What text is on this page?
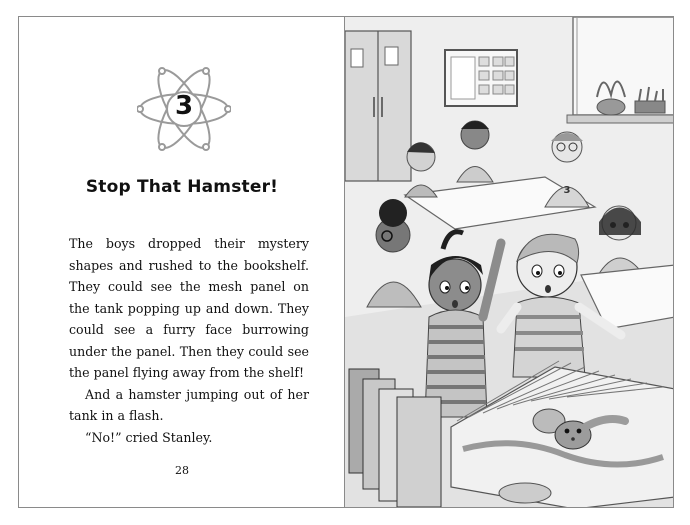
3
Stop That Hamster!

The boys dropped their mystery shapes and rushed to the bookshelf. They could see the mesh panel on the tank popping up and down. They could see a furry face burrowing under the panel. Then they could see the panel flying away from the shelf!

And a hamster jumping out of her tank in a flash.

“No!” cried Stanley.

28
3
